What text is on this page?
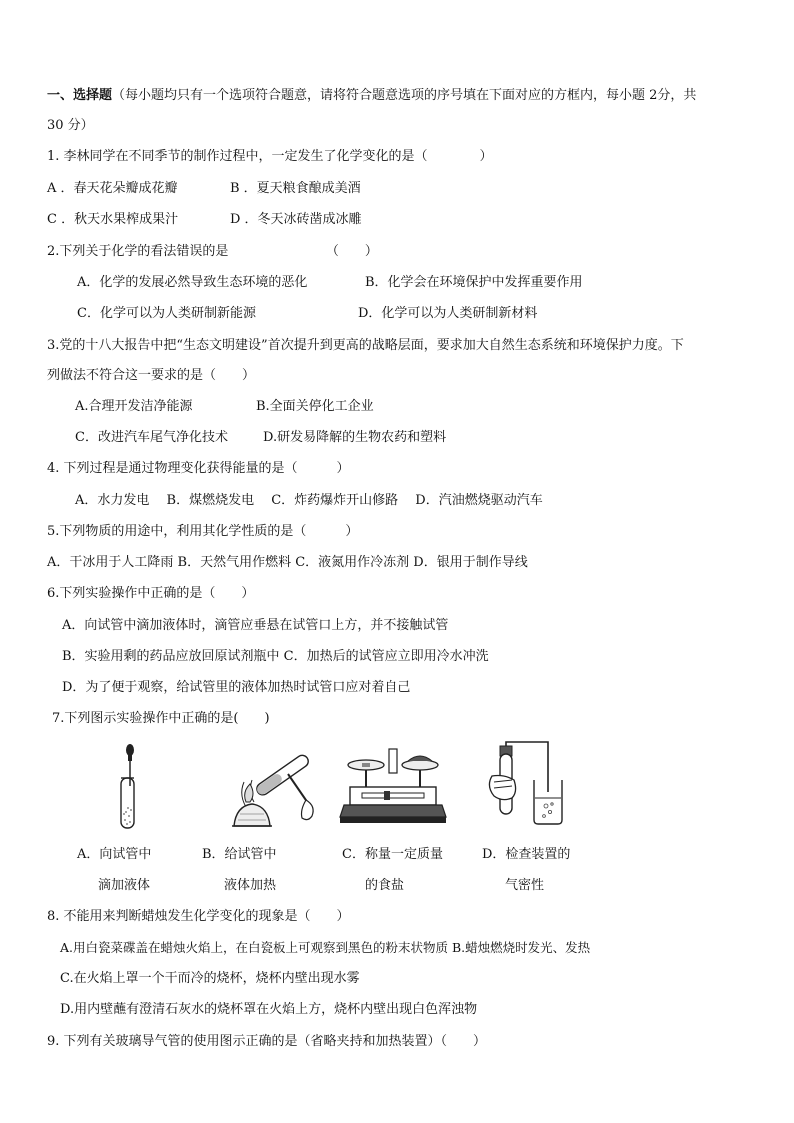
一、选择题（每小题均只有一个选项符合题意，请将符合题意选项的序号填在下面对应的方框内，每小题 2分，共
30 分）
1. 李林同学在不同季节的制作过程中，一定发生了化学变化的是（　　　　）
A ．春天花朵瓣成花瓣	B ．夏天粮食酿成美酒
C ．秋天水果榨成果汁	D ．冬天冰砖凿成冰雕
2.下列关于化学的看法错误的是　　　　　　　　（　　）
A．化学的发展必然导致生态环境的恶化	B．化学会在环境保护中发挥重要作用
C．化学可以为人类研制新能源	D．化学可以为人类研制新材料
3.党的十八大报告中把“生态文明建设”首次提升到更高的战略层面，要求加大自然生态系统和环境保护力度。下
列做法不符合这一要求的是（　　）
A.合理开发洁净能源	B.全面关停化工企业
C．改进汽车尾气净化技术	D.研发易降解的生物农药和塑料
4. 下列过程是通过物理变化获得能量的是（　　　）
A．水力发电　 B．煤燃烧发电　 C．炸药爆炸开山修路　 D．汽油燃烧驱动汽车
5.下列物质的用途中，利用其化学性质的是（　　　）
A．干冰用于人工降雨 B．天然气用作燃料 C．液氮用作冷冻剂 D．银用于制作导线
6.下列实验操作中正确的是（　　）
A．向试管中滴加液体时，滴管应垂悬在试管口上方，并不接触试管
B．实验用剩的药品应放回原试剂瓶中 C．加热后的试管应立即用冷水冲洗
D．为了便于观察，给试管里的液体加热时试管口应对着自己
7.下列图示实验操作中正确的是(　　)
A．向试管中
滴加液体
B．给试管中
液体加热
C．称量一定质量
的食盐
D．检查装置的
气密性
8. 不能用来判断蜡烛发生化学变化的现象是（　　）
A.用白瓷菜碟盖在蜡烛火焰上，在白瓷板上可观察到黑色的粉末状物质 B.蜡烛燃烧时发光、发热
C.在火焰上罩一个干而冷的烧杯，烧杯内壁出现水雾
D.用内壁蘸有澄清石灰水的烧杯罩在火焰上方，烧杯内壁出现白色浑浊物
9. 下列有关玻璃导气管的使用图示正确的是（省略夹持和加热装置）（　　）
